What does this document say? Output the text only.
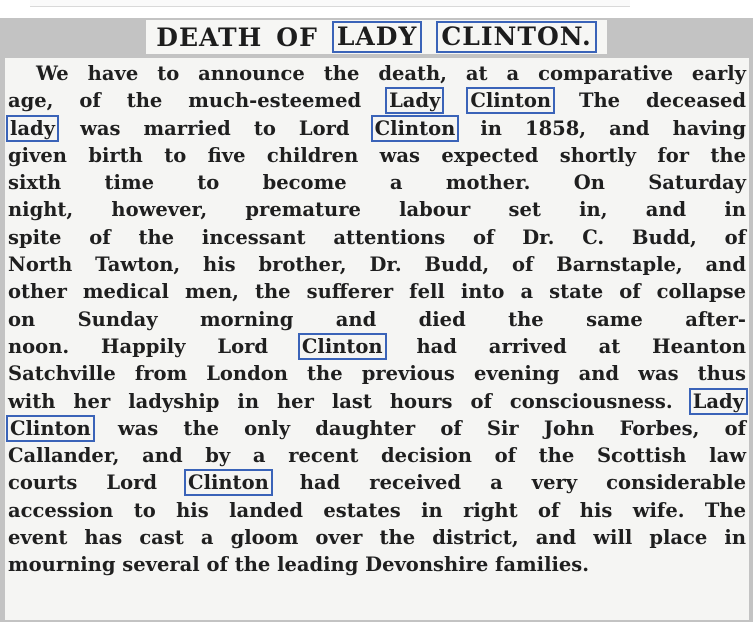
DEATH OF LADY CLINTON.
We have to announce the death, at a comparative early
age, of the much-esteemed Lady Clinton The deceased
lady was married to Lord Clinton in 1858, and having
given birth to five children was expected shortly for the
sixth time to become a mother. On Saturday
night, however, premature labour set in, and in
spite of the incessant attentions of Dr. C. Budd, of
North Tawton, his brother, Dr. Budd, of Barnstaple, and
other medical men, the sufferer fell into a state of collapse
on Sunday morning and died the same after-
noon. Happily Lord Clinton had arrived at Heanton
Satchville from London the previous evening and was thus
with her ladyship in her last hours of consciousness. Lady
Clinton was the only daughter of Sir John Forbes, of
Callander, and by a recent decision of the Scottish law
courts Lord Clinton had received a very considerable
accession to his landed estates in right of his wife. The
event has cast a gloom over the district, and will place in
mourning several of the leading Devonshire families.
